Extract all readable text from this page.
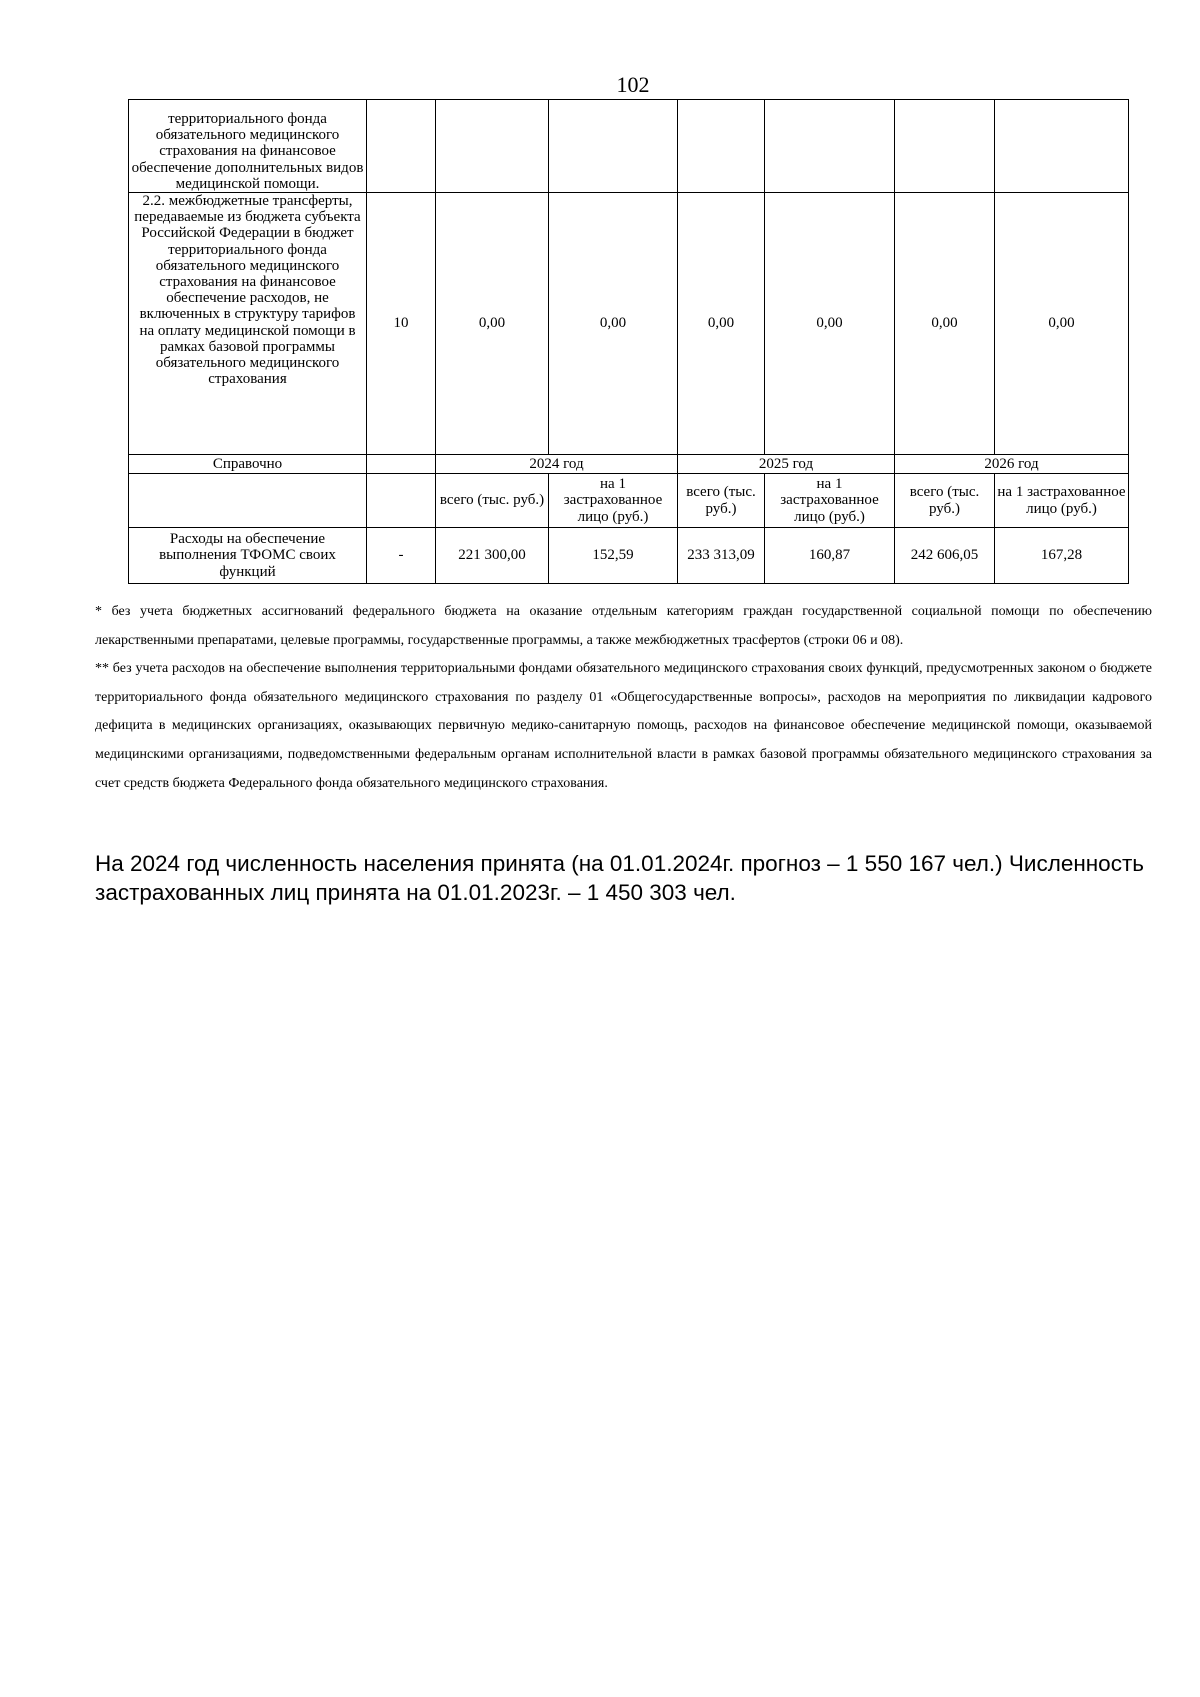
102
территориального фонда обязательного медицинского страхования на финансовое обеспечение дополнительных видов медицинской помощи.							
2.2. межбюджетные трансферты, передаваемые из бюджета субъекта Российской Федерации в бюджет территориального фонда обязательного медицинского страхования на финансовое обеспечение расходов, не включенных в структуру тарифов на оплату медицинской помощи в рамках базовой программы обязательного медицинского страхования	10	0,00	0,00	0,00	0,00	0,00	0,00
Справочно		2024 год		2025 год		2026 год	
		всего (тыс. руб.)	на 1 застрахованное лицо (руб.)	всего (тыс. руб.)	на 1 застрахованное лицо (руб.)	всего (тыс. руб.)	на 1 застрахованное лицо (руб.)
Расходы на обеспечение выполнения ТФОМС своих функций	-	221 300,00	152,59	233 313,09	160,87	242 606,05	167,28

* без учета бюджетных ассигнований федерального бюджета на оказание отдельным категориям граждан государственной социальной помощи по обеспечению лекарственными препаратами, целевые программы, государственные программы, а также межбюджетных трасфертов (строки 06 и 08).

** без учета расходов на обеспечение выполнения территориальными фондами обязательного медицинского страхования своих функций, предусмотренных законом о бюджете территориального фонда обязательного медицинского страхования по разделу 01 «Общегосударственные вопросы», расходов на мероприятия по ликвидации кадрового дефицита в медицинских организациях, оказывающих первичную медико-санитарную помощь, расходов на финансовое обеспечение медицинской помощи, оказываемой медицинскими организациями, подведомственными федеральным органам исполнительной власти в рамках базовой программы обязательного медицинского страхования за счет средств бюджета Федерального фонда обязательного медицинского страхования.

На 2024 год численность населения принята (на 01.01.2024г. прогноз – 1 550 167 чел.) Численность застрахованных лиц принята на 01.01.2023г. – 1 450 303 чел.
